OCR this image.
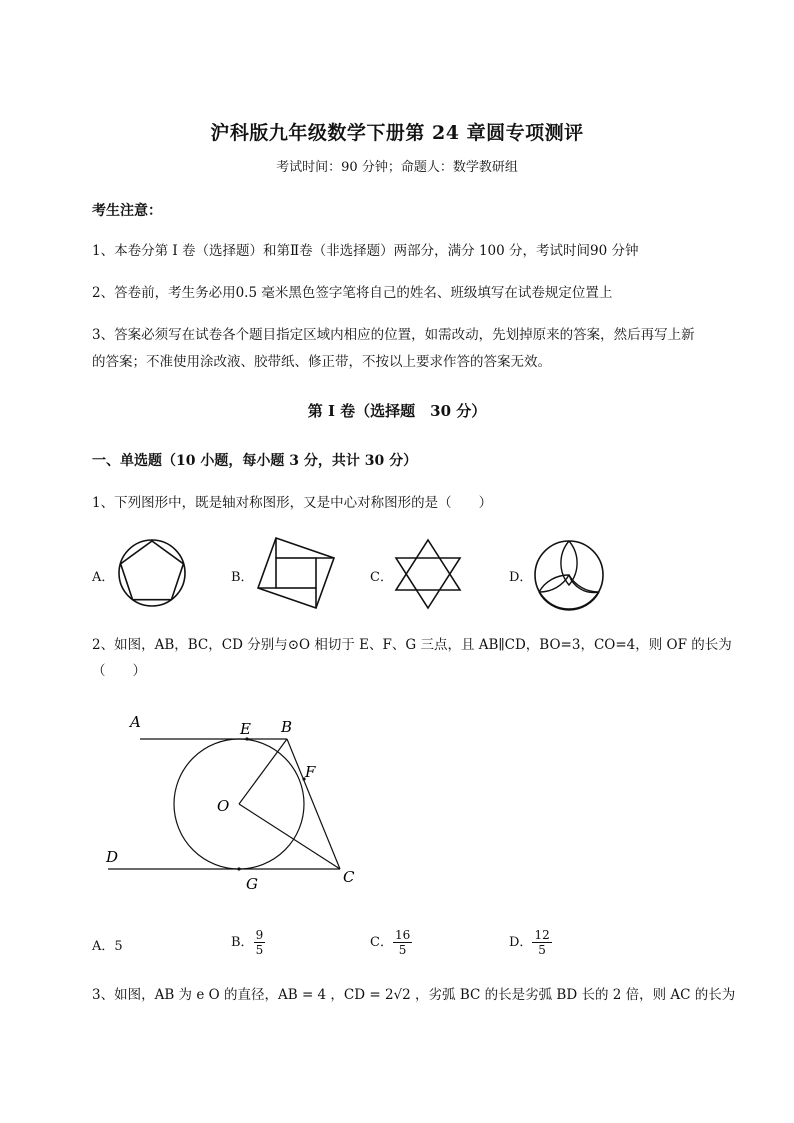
沪科版九年级数学下册第 24 章圆专项测评
考试时间：90 分钟；命题人：数学教研组
考生注意：
1、本卷分第 I 卷（选择题）和第Ⅱ卷（非选择题）两部分，满分 100 分，考试时间90 分钟
2、答卷前，考生务必用0.5 毫米黑色签字笔将自己的姓名、班级填写在试卷规定位置上
3、答案必须写在试卷各个题目指定区域内相应的位置，如需改动，先划掉原来的答案，然后再写上新
的答案；不准使用涂改液、胶带纸、修正带，不按以上要求作答的答案无效。
第 I 卷（选择题　30 分）
一、单选题（10 小题，每小题 3 分，共计 30 分）
1、下列图形中，既是轴对称图形，又是中心对称图形的是（　　）
A．	B．	C．	D．
2、如图，AB，BC，CD 分别与⊙O 相切于 E、F、G 三点，且 AB∥CD，BO=3，CO=4，则 OF 的长为
（　　）
A	E B
F
O
D
G	C
A．5	B． $\frac{9}{5}$	C． $\frac{16}{5}$	D． $\frac{12}{5}$
3、如图，AB 为 e O 的直径，AB = 4 ，CD = 2√2 ，劣弧 BC 的长是劣弧 BD 长的 2 倍，则 AC 的长为
